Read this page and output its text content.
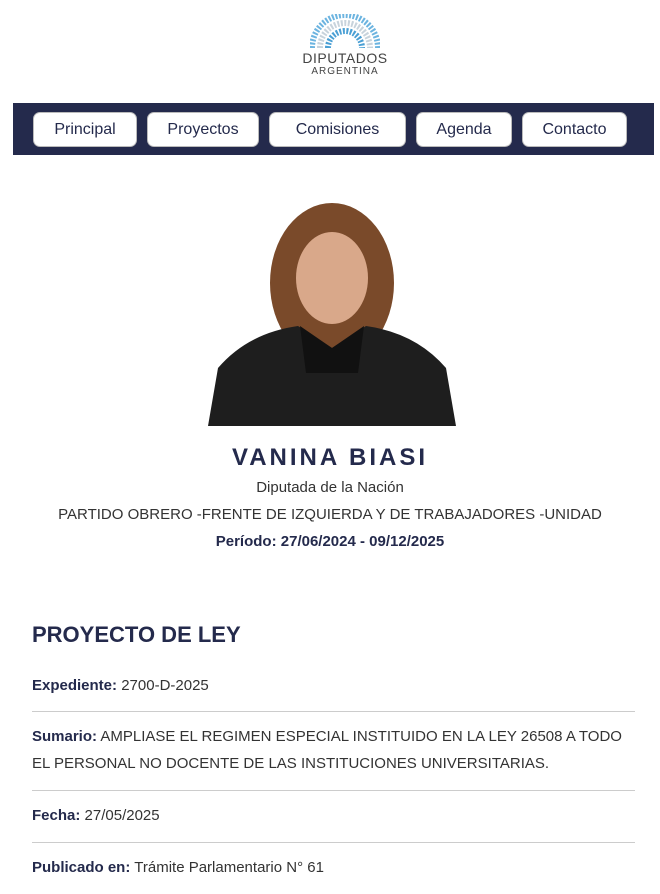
DIPUTADOS
ARGENTINA
Principal	Proyectos	Comisiones	Agenda	Contacto
VANINA BIASI
Diputada de la Nación
PARTIDO OBRERO -FRENTE DE IZQUIERDA Y DE TRABAJADORES -UNIDAD
Período: 27/06/2024 - 09/12/2025
PROYECTO DE LEY
Expediente: 2700-D-2025
Sumario: AMPLIASE EL REGIMEN ESPECIAL INSTITUIDO EN LA LEY 26508 A TODO EL PERSONAL NO DOCENTE DE LAS INSTITUCIONES UNIVERSITARIAS.
Fecha: 27/05/2025
Publicado en: Trámite Parlamentario N° 61
